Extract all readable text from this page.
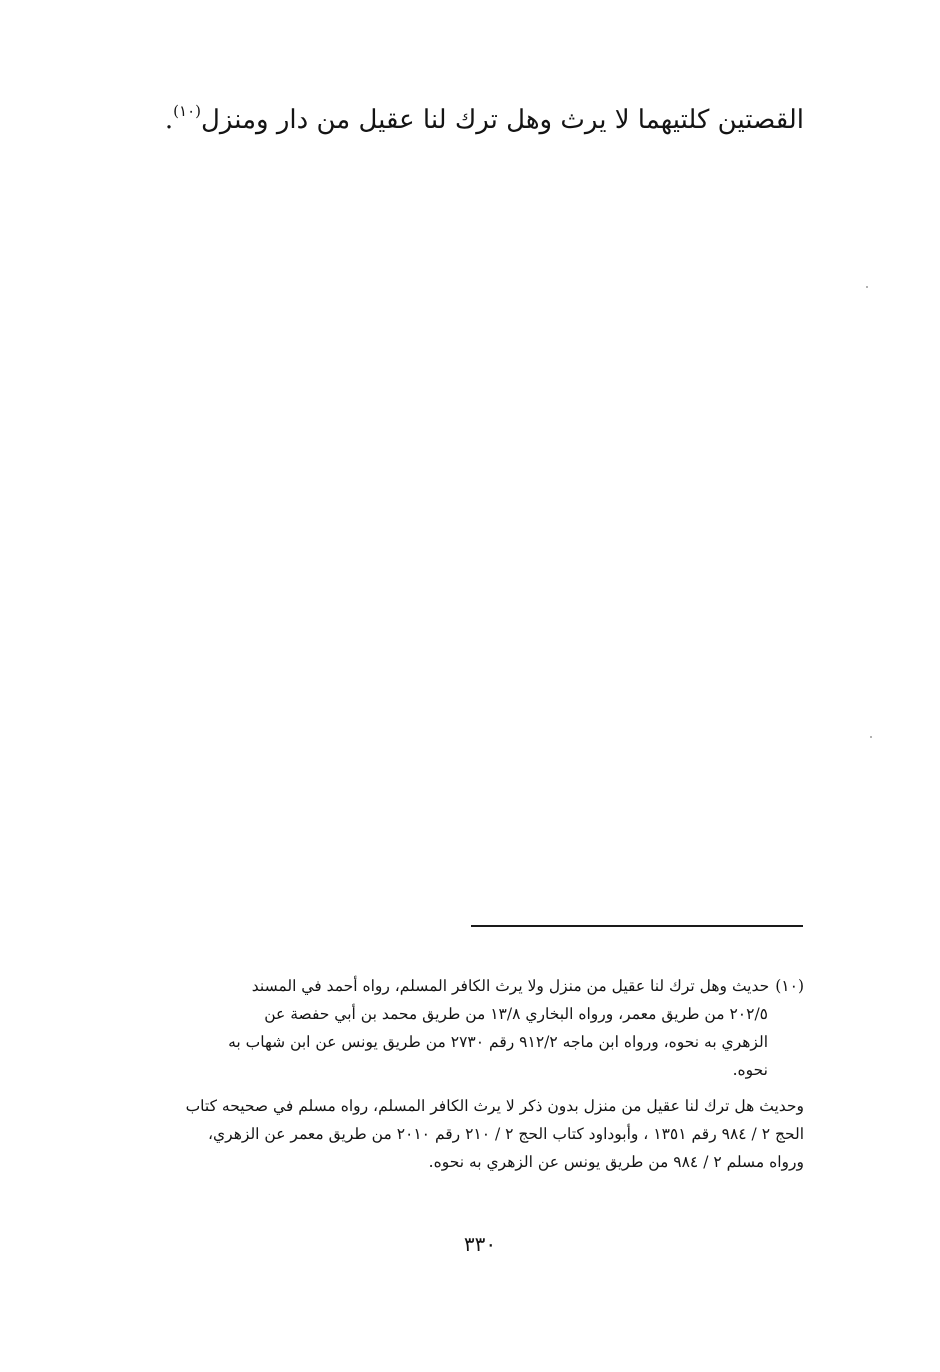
القصتين كلتيهما لا يرث وهل ترك لنا عقيل من دار ومنزل$^{(١٠)}$.

(١٠)حديث وهل ترك لنا عقيل من منزل ولا يرث الكافر المسلم، رواه أحمد في المسند
٢٠٢/٥ من طريق معمر، ورواه البخاري ١٣/٨ من طريق محمد بن أبي حفصة عن
الزهري به نحوه، ورواه ابن ماجه ٩١٢/٢ رقم ٢٧٣٠ من طريق يونس عن ابن شهاب به
نحوه.

وحديث هل ترك لنا عقيل من منزل بدون ذكر لا يرث الكافر المسلم، رواه مسلم في صحيحه كتاب
الحج ٢ / ٩٨٤ رقم ١٣٥١ ، وأبوداود كتاب الحج ٢ / ٢١٠ رقم ٢٠١٠ من طريق معمر عن الزهري،
ورواه مسلم ٢ / ٩٨٤ من طريق يونس عن الزهري به نحوه.

٣٣٠
